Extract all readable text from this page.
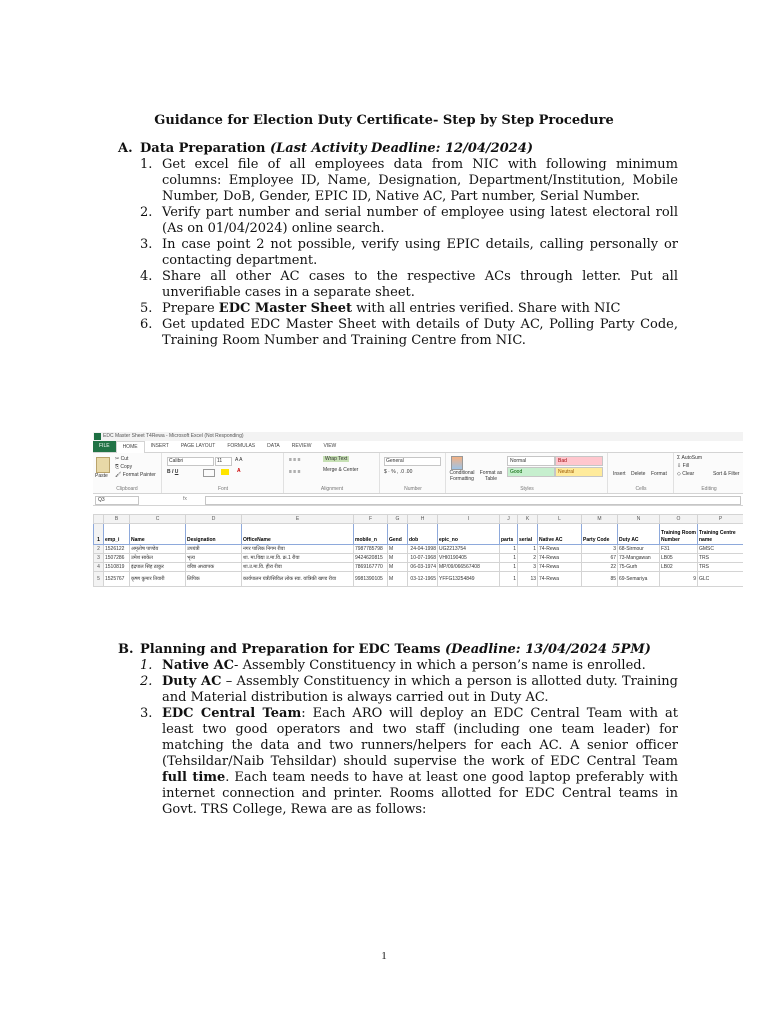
Guidance for Election Duty Certificate- Step by Step Procedure
A. Data Preparation (Last Activity Deadline: 12/04/2024)
1. Get excel file of all employees data from NIC with following minimum columns: Employee ID, Name, Designation, Department/Institution, Mobile Number, DoB, Gender, EPIC ID, Native AC, Part number, Serial Number.
2. Verify part number and serial number of employee using latest electoral roll (As on 01/04/2024) online search.
3. In case point 2 not possible, verify using EPIC details, calling personally or contacting department.
4. Share all other AC cases to the respective ACs through letter. Put all unverifiable cases in a separate sheet.
5. Prepare EDC Master Sheet with all entries verified. Share with NIC
6. Get updated EDC Master Sheet with details of Duty AC, Polling Party Code, Training Room Number and Training Centre from NIC.
EDC Master Sheet T4Rewa - Microsoft Excel (Not Responding)
FILE	HOME	INSERT	PAGE LAYOUT	FORMULAS	DATA	REVIEW	VIEW
Paste
✂ Cut
⎘ Copy
🖌 Format Painter
Clipboard
Calibri	11	A A
B I U	A
Font
≡ ≡ ≡
≡ ≡ ≡
Wrap Text
Merge & Center
Alignment
General
$ · % , .0 .00
Number
Conditional Formatting
Format as Table
Normal	Bad
Good	Neutral
Styles
Insert Delete Format
Cells
Σ AutoSum
⇩ Fill
◇ Clear	Sort & Filter
Editing
Q3	fx
	B	C	D	E	F	G	H	I	J	K	L	M	N	O	P
1	emp_i	Name	Designation	OfficeName	mobile_n	Gend	dob	epic_no	parts	serial	Native AC	Party Code	Duty AC	Training Room Number	Training Centre name
2	1526122	अमृतोष पाण्डेय	उपयंत्री	नगर पालिक निगम रीवा	7987785798	M	24-04-1998	UG2213754	1	1	74-Rewa	3	68-Sirmour	F31	GMSC
3	1507286	उमेश साकेत	भृत्य	शा. मा.विद्या उ.मा.वि. क्र.1 रीवा	9424620815	M	10-07-1968	VHI0190405	1	2	74-Rewa	67	73-Mangawan	LB05	TRS
4	1510819	इंद्रपाल सिंह ठाकुर	वरिष्ठ अध्यापक	शा.उ.मा.वि. हीरा रीवा	7869167770	M	06-03-1974	MP/09/066567408	1	3	74-Rewa	22	75-Gurh	LB02	TRS
5	1525767	कृष्ण कुमार तिवारी	लिपिक	कार्यपालन यंत्री/सिविल लोक स्वा. यांत्रिकी खण्ड रीवा	9981390105	M	03-12-1965	YFFG13254849	1	13	74-Rewa	85	69-Semariya	9	GLC
B. Planning and Preparation for EDC Teams (Deadline: 13/04/2024 5PM)
1. Native AC- Assembly Constituency in which a person’s name is enrolled.
2. Duty AC – Assembly Constituency in which a person is allotted duty. Training and Material distribution is always carried out in Duty AC.
3. EDC Central Team: Each ARO will deploy an EDC Central Team with at least two good operators and two staff (including one team leader) for matching the data and two runners/helpers for each AC. A senior officer (Tehsildar/Naib Tehsildar) should supervise the work of EDC Central Team full time. Each team needs to have at least one good laptop preferably with internet connection and printer. Rooms allotted for EDC Central teams in Govt. TRS College, Rewa are as follows:
1
